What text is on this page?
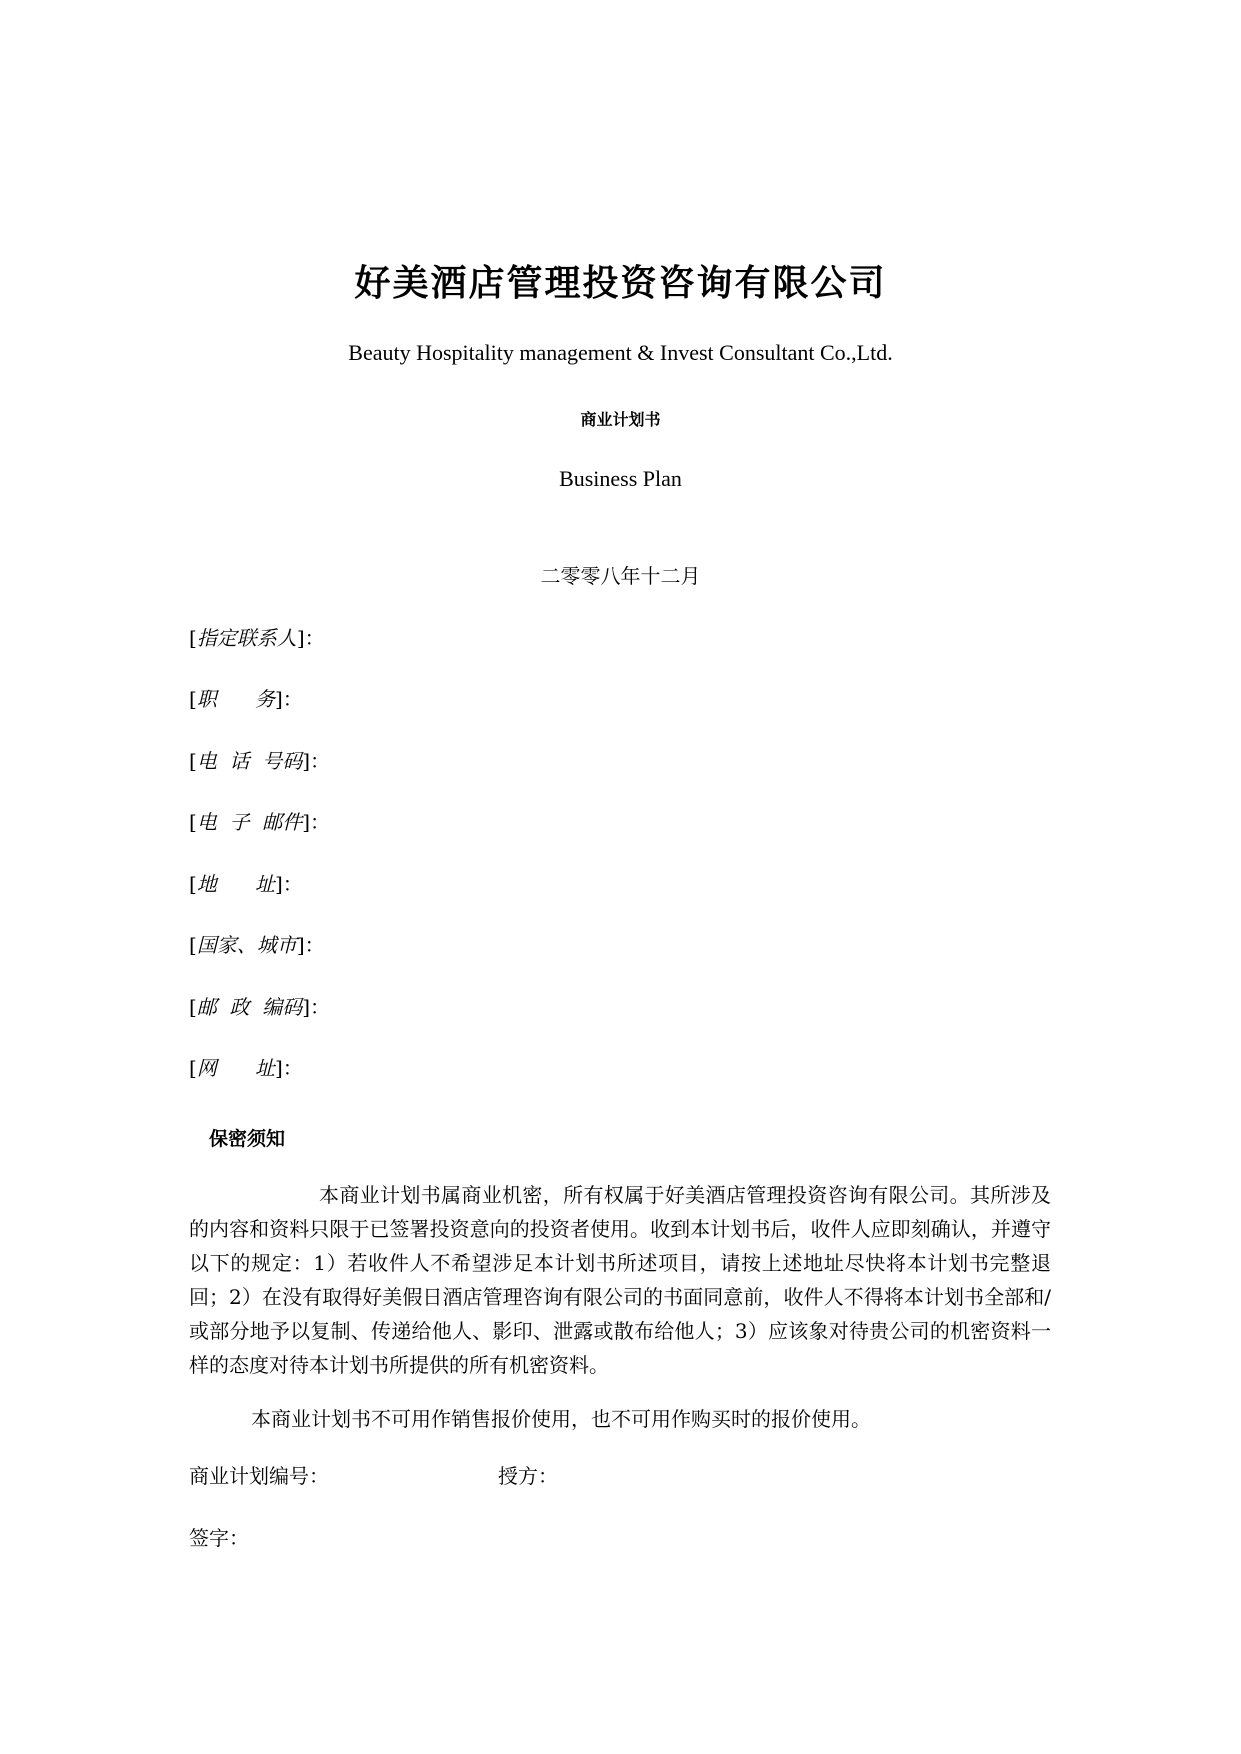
好美酒店管理投资咨询有限公司
Beauty Hospitality management & Invest Consultant Co.,Ltd.
商业计划书
Business Plan
二零零八年十二月
[指定联系人]：
[职      务]：
[电  话  号码]：
[电  子  邮件]：
[地      址]：
[国家、城市]：
[邮  政  编码]：
[网      址]：
保密须知
本商业计划书属商业机密，所有权属于好美酒店管理投资咨询有限公司。其所涉及的内容和资料只限于已签署投资意向的投资者使用。收到本计划书后，收件人应即刻确认，并遵守以下的规定：1）若收件人不希望涉足本计划书所述项目，请按上述地址尽快将本计划书完整退回；2）在没有取得好美假日酒店管理咨询有限公司的书面同意前，收件人不得将本计划书全部和/或部分地予以复制、传递给他人、影印、泄露或散布给他人；3）应该象对待贵公司的机密资料一样的态度对待本计划书所提供的所有机密资料。
本商业计划书不可用作销售报价使用，也不可用作购买时的报价使用。
商业计划编号：	授方：
签字：
